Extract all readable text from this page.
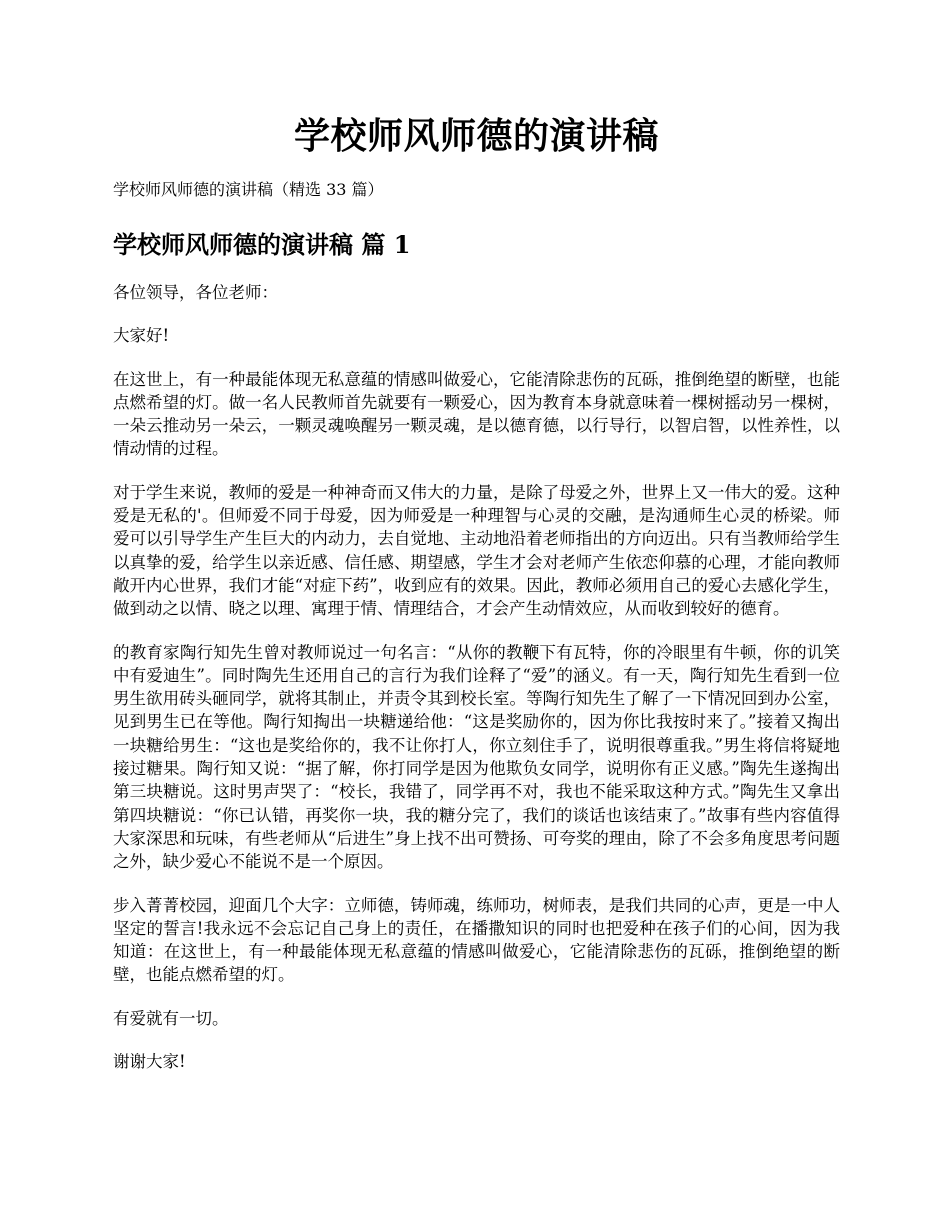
学校师风师德的演讲稿

学校师风师德的演讲稿（精选 33 篇）

学校师风师德的演讲稿 篇 1

各位领导，各位老师：

大家好!

在这世上，有一种最能体现无私意蕴的情感叫做爱心，它能清除悲伤的瓦砾，推倒绝望的断壁，也能点燃希望的灯。做一名人民教师首先就要有一颗爱心，因为教育本身就意味着一棵树摇动另一棵树，一朵云推动另一朵云，一颗灵魂唤醒另一颗灵魂，是以德育德，以行导行，以智启智，以性养性，以情动情的过程。

对于学生来说，教师的爱是一种神奇而又伟大的力量，是除了母爱之外，世界上又一伟大的爱。这种爱是无私的'。但师爱不同于母爱，因为师爱是一种理智与心灵的交融，是沟通师生心灵的桥梁。师爱可以引导学生产生巨大的内动力，去自觉地、主动地沿着老师指出的方向迈出。只有当教师给学生以真挚的爱，给学生以亲近感、信任感、期望感，学生才会对老师产生依恋仰慕的心理，才能向教师敞开内心世界，我们才能“对症下药”，收到应有的效果。因此，教师必须用自己的爱心去感化学生，做到动之以情、晓之以理、寓理于情、情理结合，才会产生动情效应，从而收到较好的德育。

的教育家陶行知先生曾对教师说过一句名言：“从你的教鞭下有瓦特，你的冷眼里有牛顿，你的讥笑中有爱迪生”。同时陶先生还用自己的言行为我们诠释了“爱”的涵义。有一天，陶行知先生看到一位男生欲用砖头砸同学，就将其制止，并责令其到校长室。等陶行知先生了解了一下情况回到办公室，见到男生已在等他。陶行知掏出一块糖递给他：“这是奖励你的，因为你比我按时来了。”接着又掏出一块糖给男生：“这也是奖给你的，我不让你打人，你立刻住手了，说明很尊重我。”男生将信将疑地接过糖果。陶行知又说：“据了解，你打同学是因为他欺负女同学，说明你有正义感。”陶先生遂掏出第三块糖说。这时男声哭了：“校长，我错了，同学再不对，我也不能采取这种方式。”陶先生又拿出第四块糖说：“你已认错，再奖你一块，我的糖分完了，我们的谈话也该结束了。”故事有些内容值得大家深思和玩味，有些老师从“后进生”身上找不出可赞扬、可夸奖的理由，除了不会多角度思考问题之外，缺少爱心不能说不是一个原因。

步入菁菁校园，迎面几个大字：立师德，铸师魂，练师功，树师表，是我们共同的心声，更是一中人坚定的誓言!我永远不会忘记自己身上的责任，在播撒知识的同时也把爱种在孩子们的心间，因为我知道：在这世上，有一种最能体现无私意蕴的情感叫做爱心，它能清除悲伤的瓦砾，推倒绝望的断壁，也能点燃希望的灯。

有爱就有一切。

谢谢大家!
